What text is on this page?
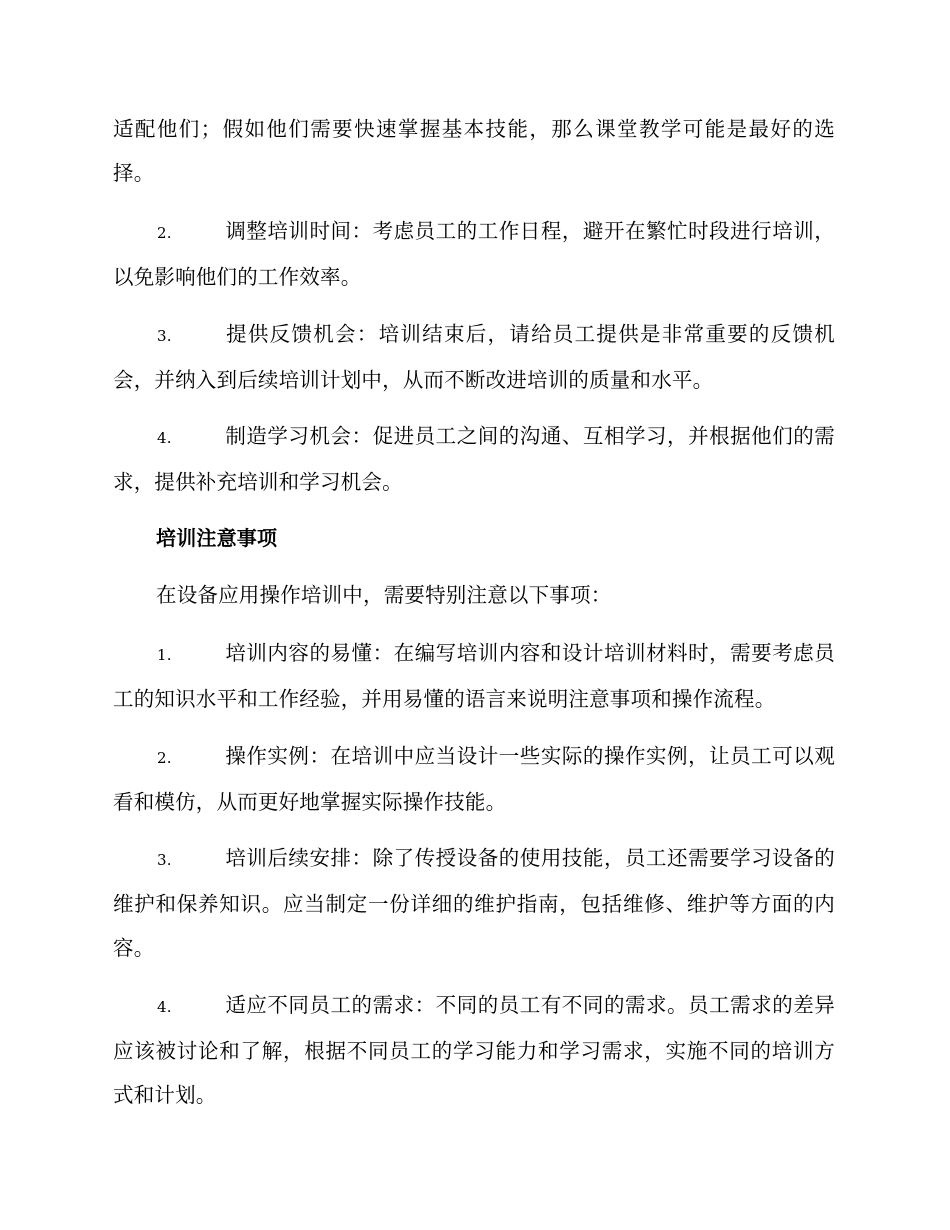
适配他们；假如他们需要快速掌握基本技能，那么课堂教学可能是最好的选择。

2.	调整培训时间：考虑员工的工作日程，避开在繁忙时段进行培训，以免影响他们的工作效率。

3.	提供反馈机会：培训结束后，请给员工提供是非常重要的反馈机会，并纳入到后续培训计划中，从而不断改进培训的质量和水平。

4.	制造学习机会：促进员工之间的沟通、互相学习，并根据他们的需求，提供补充培训和学习机会。

培训注意事项

在设备应用操作培训中，需要特别注意以下事项：

1.	培训内容的易懂：在编写培训内容和设计培训材料时，需要考虑员工的知识水平和工作经验，并用易懂的语言来说明注意事项和操作流程。

2.	操作实例：在培训中应当设计一些实际的操作实例，让员工可以观看和模仿，从而更好地掌握实际操作技能。

3.	培训后续安排：除了传授设备的使用技能，员工还需要学习设备的维护和保养知识。应当制定一份详细的维护指南，包括维修、维护等方面的内容。

4.	适应不同员工的需求：不同的员工有不同的需求。员工需求的差异应该被讨论和了解，根据不同员工的学习能力和学习需求，实施不同的培训方式和计划。
